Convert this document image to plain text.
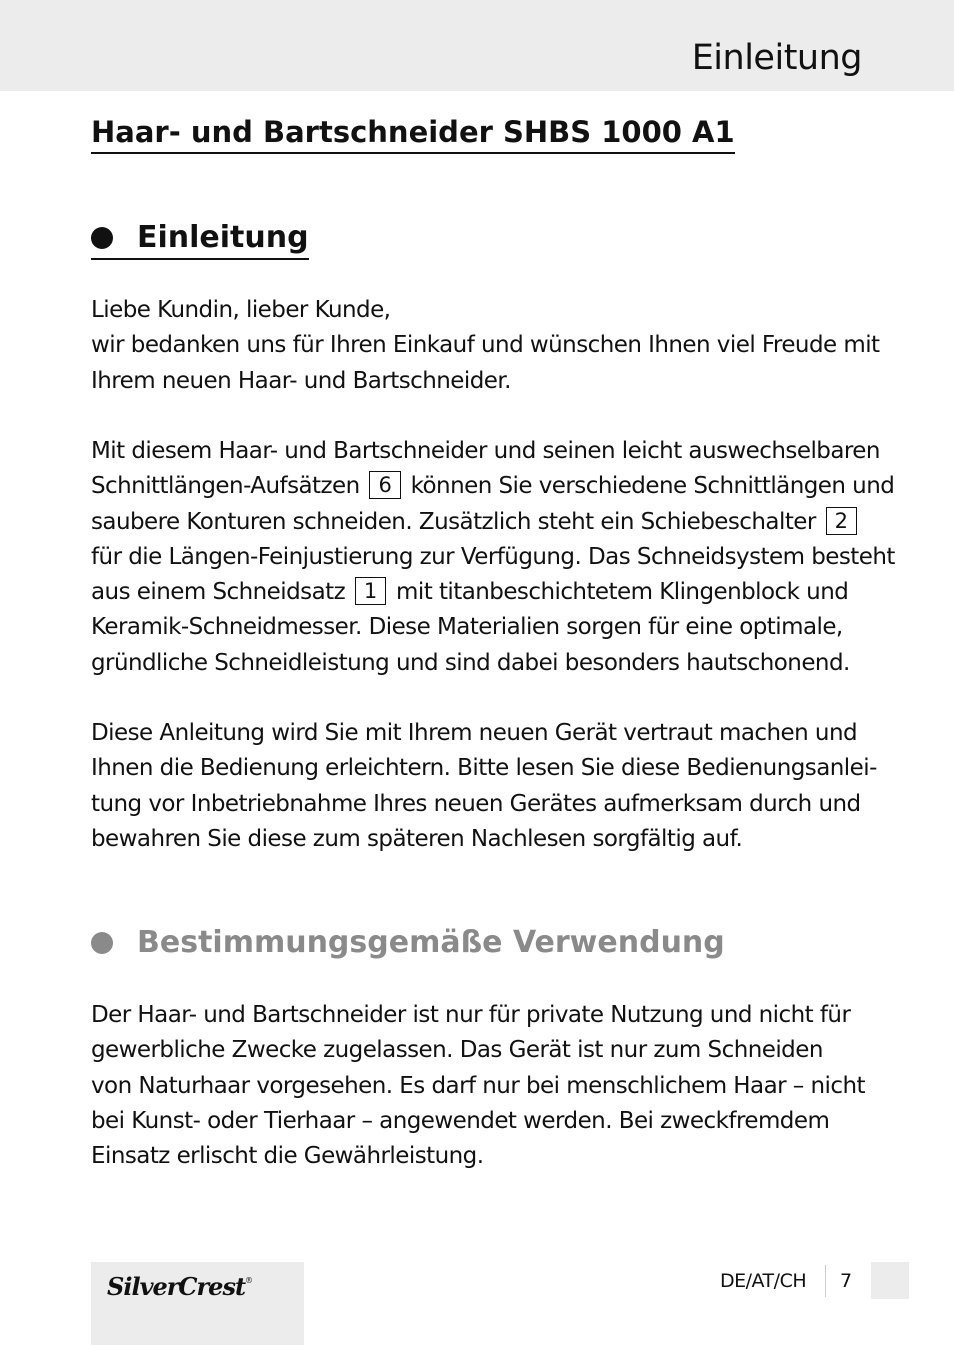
Einleitung
Haar- und Bartschneider SHBS 1000 A1
Einleitung
Liebe Kundin, lieber Kunde,
wir bedanken uns für Ihren Einkauf und wünschen Ihnen viel Freude mit
Ihrem neuen Haar- und Bartschneider.
Mit diesem Haar- und Bartschneider und seinen leicht auswechselbaren
Schnittlängen-Aufsätzen 6 können Sie verschiedene Schnittlängen und
saubere Konturen schneiden. Zusätzlich steht ein Schiebeschalter 2
für die Längen-Feinjustierung zur Verfügung. Das Schneidsystem besteht
aus einem Schneidsatz 1 mit titanbeschichtetem Klingenblock und
Keramik-Schneidmesser. Diese Materialien sorgen für eine optimale,
gründliche Schneidleistung und sind dabei besonders hautschonend.
Diese Anleitung wird Sie mit Ihrem neuen Gerät vertraut machen und
Ihnen die Bedienung erleichtern. Bitte lesen Sie diese Bedienungsanlei-
tung vor Inbetriebnahme Ihres neuen Gerätes aufmerksam durch und
bewahren Sie diese zum späteren Nachlesen sorgfältig auf.
Bestimmungsgemäße Verwendung
Der Haar- und Bartschneider ist nur für private Nutzung und nicht für
gewerbliche Zwecke zugelassen. Das Gerät ist nur zum Schneiden
von Naturhaar vorgesehen. Es darf nur bei menschlichem Haar – nicht
bei Kunst- oder Tierhaar – angewendet werden. Bei zweckfremdem
Einsatz erlischt die Gewährleistung.
SilverCrest®	DE/AT/CH 7
